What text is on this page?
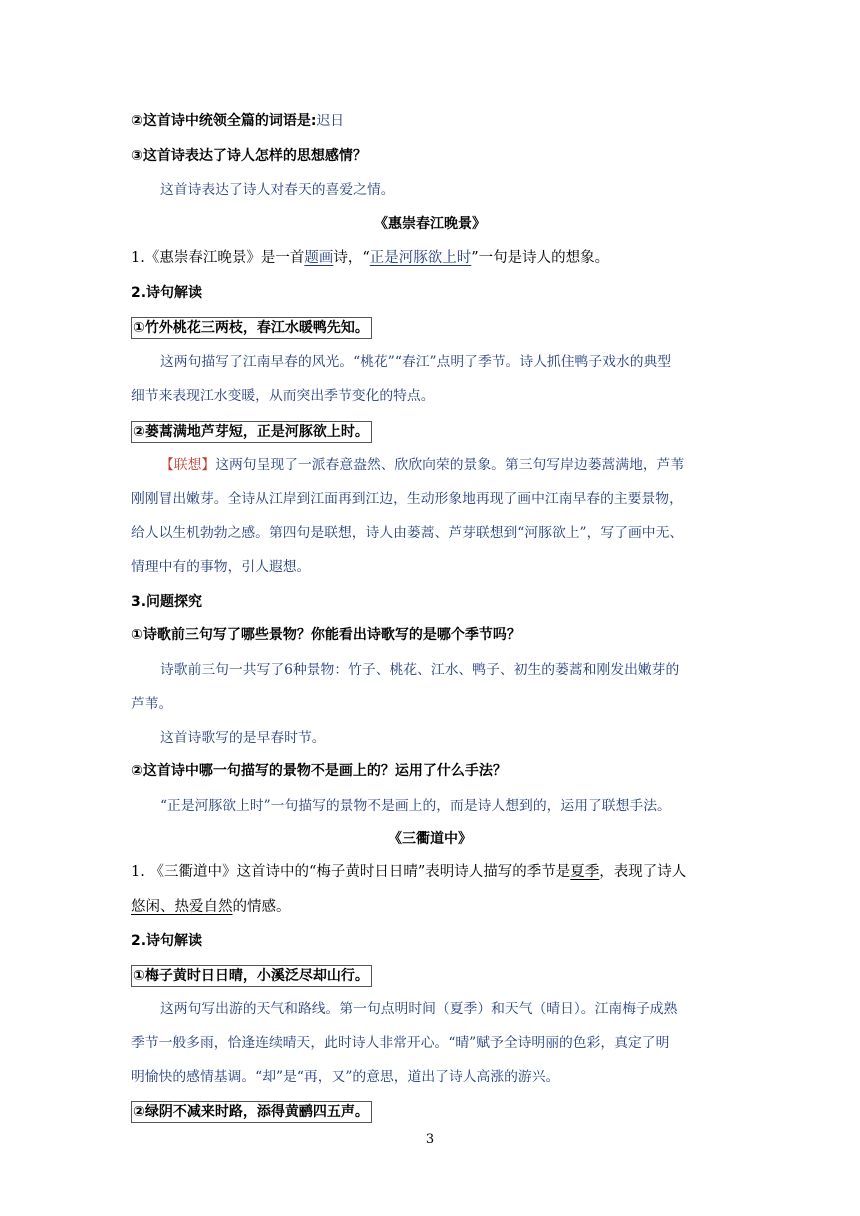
②这首诗中统领全篇的词语是:迟日
③这首诗表达了诗人怎样的思想感情？
这首诗表达了诗人对春天的喜爱之情。
《惠崇春江晚景》
1.《惠崇春江晚景》是一首题画诗，“正是河豚欲上时”一句是诗人的想象。
2.诗句解读
①竹外桃花三两枝，春江水暖鸭先知。
这两句描写了江南早春的风光。“桃花”“春江”点明了季节。诗人抓住鸭子戏水的典型
细节来表现江水变暖，从而突出季节变化的特点。
②蒌蒿满地芦芽短，正是河豚欲上时。
【联想】这两句呈现了一派春意盎然、欣欣向荣的景象。第三句写岸边蒌蒿满地，芦苇
刚刚冒出嫩芽。全诗从江岸到江面再到江边，生动形象地再现了画中江南早春的主要景物，
给人以生机勃勃之感。第四句是联想，诗人由蒌蒿、芦芽联想到“河豚欲上”，写了画中无、
情理中有的事物，引人遐想。
3.问题探究
①诗歌前三句写了哪些景物？你能看出诗歌写的是哪个季节吗？
诗歌前三句一共写了6种景物：竹子、桃花、江水、鸭子、初生的蒌蒿和刚发出嫩芽的
芦苇。
这首诗歌写的是早春时节。
②这首诗中哪一句描写的景物不是画上的？运用了什么手法？
“正是河豚欲上时”一句描写的景物不是画上的，而是诗人想到的，运用了联想手法。
《三衢道中》
1. 《三衢道中》这首诗中的“梅子黄时日日晴”表明诗人描写的季节是夏季，表现了诗人
悠闲、热爱自然的情感。
2.诗句解读
①梅子黄时日日晴，小溪泛尽却山行。
这两句写出游的天气和路线。第一句点明时间（夏季）和天气（晴日）。江南梅子成熟
季节一般多雨，恰逢连续晴天，此时诗人非常开心。“晴”赋予全诗明丽的色彩，真定了明
明愉快的感情基调。“却”是“再，又”的意思，道出了诗人高涨的游兴。
②绿阴不减来时路，添得黄鹂四五声。
3
